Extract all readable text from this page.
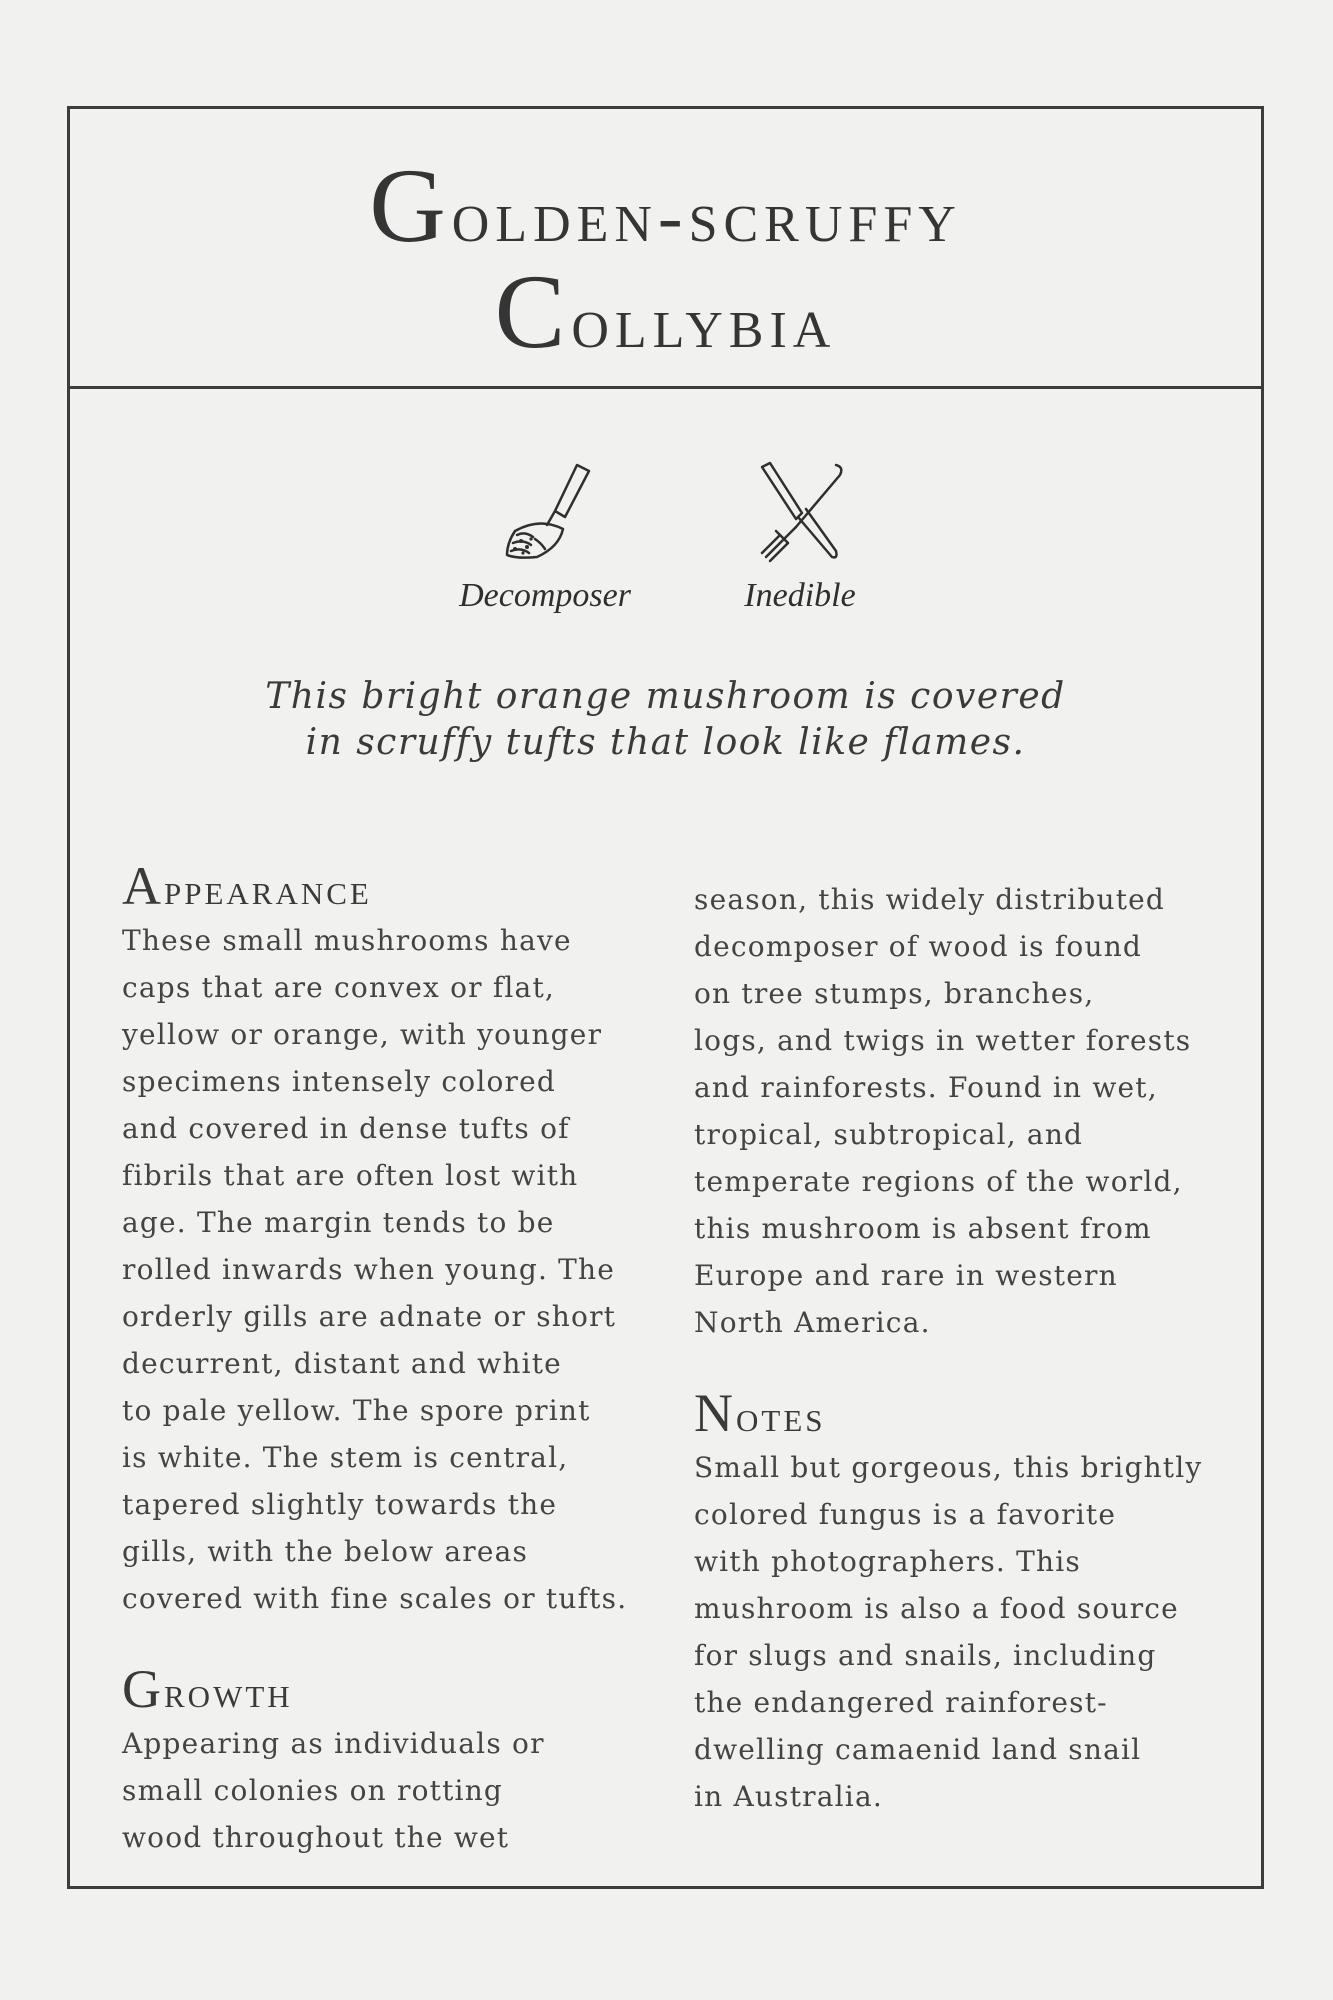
Golden-scruffy
Collybia
Decomposer	Inedible

This bright orange mushroom is covered
in scruffy tufts that look like flames.

Appearance

These small mushrooms have
caps that are convex or flat,
yellow or orange, with younger
specimens intensely colored
and covered in dense tufts of
fibrils that are often lost with
age. The margin tends to be
rolled inwards when young. The
orderly gills are adnate or short
decurrent, distant and white
to pale yellow. The spore print
is white. The stem is central,
tapered slightly towards the
gills, with the below areas
covered with fine scales or tufts.

Growth

Appearing as individuals or
small colonies on rotting
wood throughout the wet

season, this widely distributed
decomposer of wood is found
on tree stumps, branches,
logs, and twigs in wetter forests
and rainforests. Found in wet,
tropical, subtropical, and
temperate regions of the world,
this mushroom is absent from
Europe and rare in western
North America.

Notes

Small but gorgeous, this brightly
colored fungus is a favorite
with photographers. This
mushroom is also a food source
for slugs and snails, including
the endangered rainforest-
dwelling camaenid land snail
in Australia.
